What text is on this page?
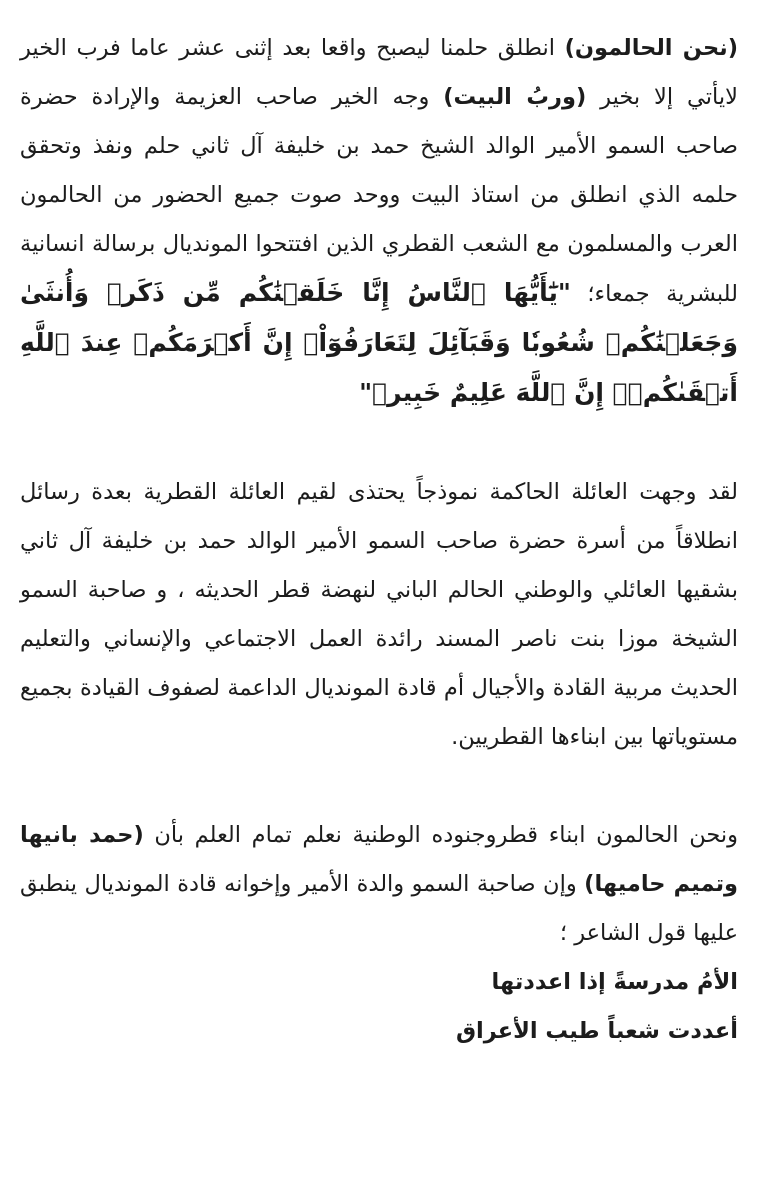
(نحن الحالمون) انطلق حلمنا ليصبح واقعا بعد إثنى عشر عاما فرب الخير لايأتي إلا بخير (وربُ البيت) وجه الخير صاحب العزيمة والإرادة حضرة صاحب السمو الأمير الوالد الشيخ حمد بن خليفة آل ثاني حلم ونفذ وتحقق حلمه الذي انطلق من استاذ البيت ووحد صوت جميع الحضور من الحالمون العرب والمسلمون مع الشعب القطري الذين افتتحوا المونديال برسالة انسانية للبشرية جمعاء؛ "يَٰٓأَيُّهَا ٱلنَّاسُ إِنَّا خَلَقۡنَٰكُم مِّن ذَكَرٖ وَأُنثَىٰ وَجَعَلۡنَٰكُمۡ شُعُوبٗا وَقَبَآئِلَ لِتَعَارَفُوٓاْۚ إِنَّ أَكۡرَمَكُمۡ عِندَ ٱللَّهِ أَتۡقَىٰكُمۡۚ إِنَّ ٱللَّهَ عَلِيمٌ خَبِيرٞ"

لقد وجهت العائلة الحاكمة نموذجاً يحتذى لقيم العائلة القطرية بعدة رسائل انطلاقاً من أسرة حضرة صاحب السمو الأمير الوالد حمد بن خليفة آل ثاني بشقيها العائلي والوطني الحالم الباني لنهضة قطر الحديثه ، و صاحبة السمو الشيخة موزا بنت ناصر المسند رائدة العمل الاجتماعي والإنساني والتعليم الحديث مربية القادة والأجيال أم قادة المونديال الداعمة لصفوف القيادة بجميع مستوياتها بين ابناءها القطريين.

ونحن الحالمون ابناء قطروجنوده الوطنية نعلم تمام العلم بأن (حمد بانيها وتميم حاميها) وإن صاحبة السمو والدة الأمير وإخوانه قادة المونديال ينطبق عليها قول الشاعر ؛
الأمُ مدرسةً إذا اعددتها
أعددت شعباً طيب الأعراق
